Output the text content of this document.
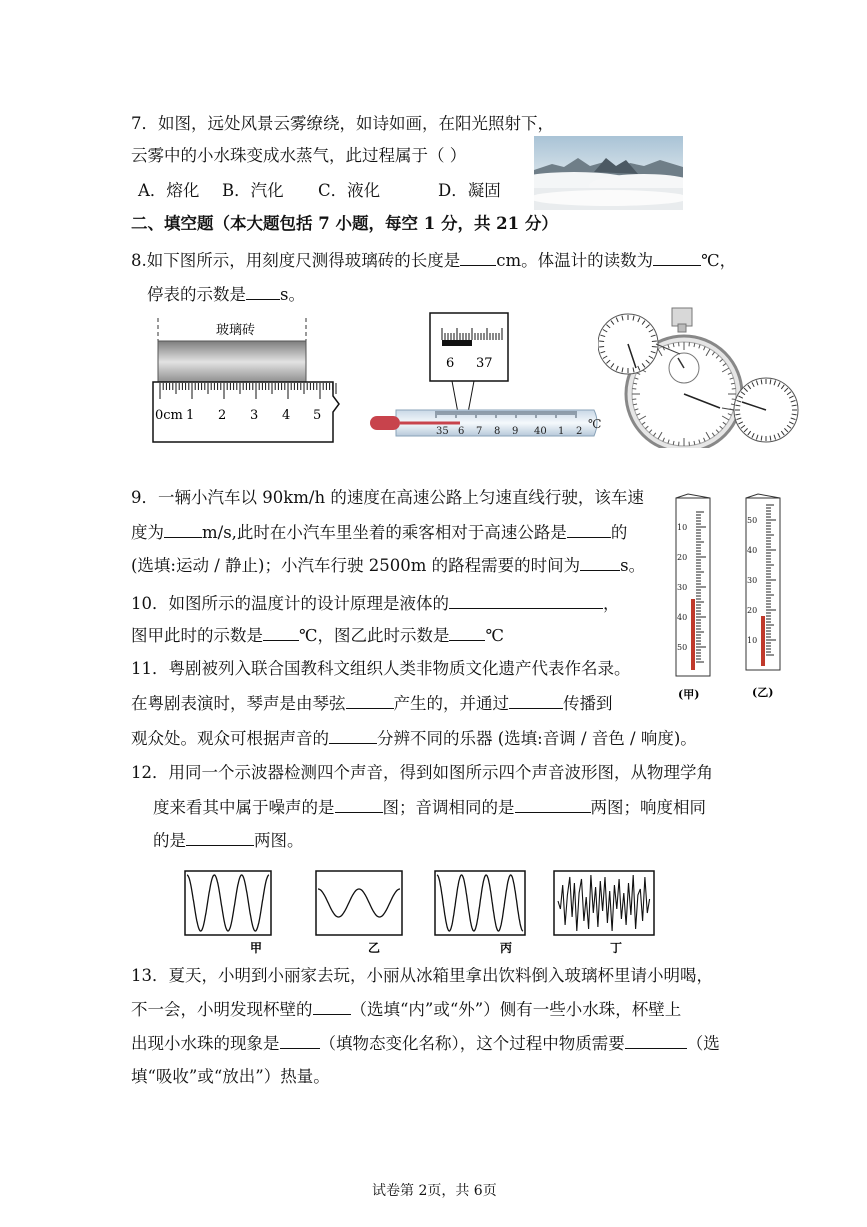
7．如图，远处风景云雾缭绕，如诗如画，在阳光照射下，
云雾中的小水珠变成水蒸气，此过程属于（ ）
A．熔化 B．汽化 C．液化	D．凝固
二、填空题（本大题包括 7 小题，每空 1 分，共 21 分）
8.如下图所示，用刻度尺测得玻璃砖的长度是 cm。体温计的读数为	℃，
停表的示数是 s。
玻璃砖
0cm 1 2 3 4 5
6 37
35 6 7 8 9 40 1 2
℃
9．一辆小汽车以 90km/h 的速度在高速公路上匀速直线行驶，该车速
度为 m/s,此时在小汽车里坐着的乘客相对于高速公路是	的
(选填:运动 / 静止)；小汽车行驶 2500m 的路程需要的时间为 s。
10．如图所示的温度计的设计原理是液体的	，
图甲此时的示数是 ℃，图乙此时示数是 ℃
10
20
30
40
50
(甲)
50
40
30
20
10
(乙)
11．粤剧被列入联合国教科文组织人类非物质文化遗产代表作名录。
在粤剧表演时，琴声是由琴弦	产生的，并通过	传播到
观众处。观众可根据声音的	分辨不同的乐器 (选填:音调 / 音色 / 响度)。
12．用同一个示波器检测四个声音，得到如图所示四个声音波形图，从物理学角
度来看其中属于噪声的是	图；音调相同的是	两图；响度相同
的是	两图。
甲	乙	丙	丁
13．夏天，小明到小丽家去玩，小丽从冰箱里拿出饮料倒入玻璃杯里请小明喝，
不一会，小明发现杯壁的 （选填“内”或“外”）侧有一些小水珠，杯壁上
出现小水珠的现象是 （填物态变化名称），这个过程中物质需要	（选
填“吸收”或“放出”）热量。
试卷第 2页，共 6页
